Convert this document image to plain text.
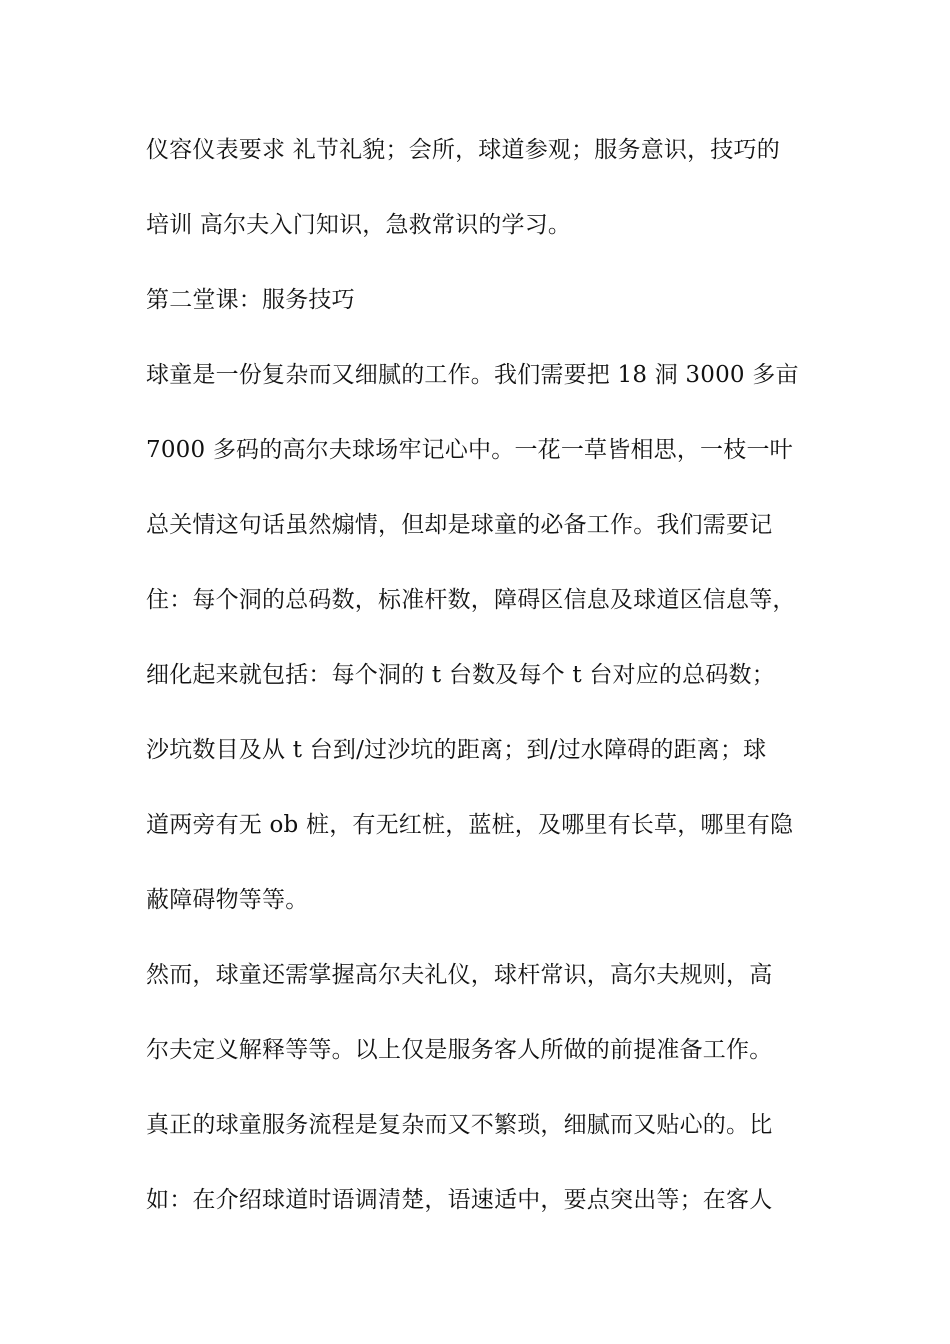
仪容仪表要求 礼节礼貌；会所，球道参观；服务意识，技巧的
培训 高尔夫入门知识，急救常识的学习。
第二堂课：服务技巧
球童是一份复杂而又细腻的工作。我们需要把 18 洞 3000 多亩
7000 多码的高尔夫球场牢记心中。一花一草皆相思，一枝一叶
总关情这句话虽然煽情，但却是球童的必备工作。我们需要记
住：每个洞的总码数，标准杆数，障碍区信息及球道区信息等，
细化起来就包括：每个洞的 t 台数及每个 t 台对应的总码数；
沙坑数目及从 t 台到/过沙坑的距离；到/过水障碍的距离；球
道两旁有无 ob 桩，有无红桩，蓝桩，及哪里有长草，哪里有隐
蔽障碍物等等。
然而，球童还需掌握高尔夫礼仪，球杆常识，高尔夫规则，高
尔夫定义解释等等。以上仅是服务客人所做的前提准备工作。
真正的球童服务流程是复杂而又不繁琐，细腻而又贴心的。比
如：在介绍球道时语调清楚，语速适中，要点突出等；在客人
